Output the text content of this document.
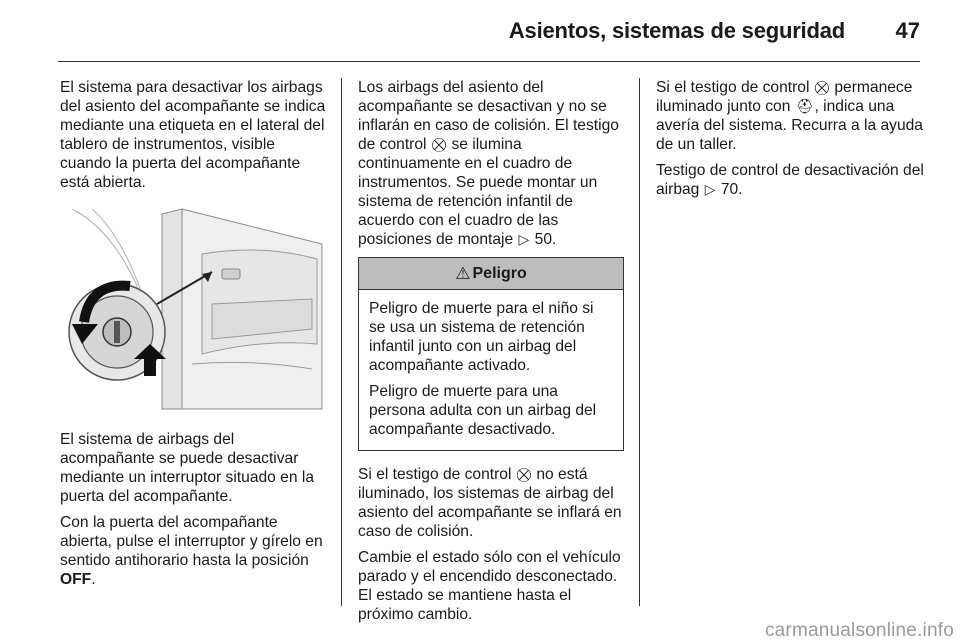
Asientos, sistemas de seguridad 47

El sistema para desactivar los airbags del asiento del acompañante se indica mediante una etiqueta en el lateral del tablero de instrumentos, visible cuando la puerta del acompañante está abierta.

El sistema de airbags del acompañante se puede desactivar mediante un interruptor situado en la puerta del acompañante.

Con la puerta del acompañante abierta, pulse el interruptor y gírelo en sentido antihorario hasta la posición OFF.

Los airbags del asiento del acompañante se desactivan y no se inflarán en caso de colisión. El testigo de control ⛒ se ilumina continuamente en el cuadro de instrumentos. Se puede montar un sistema de retención infantil de acuerdo con el cuadro de las posiciones de montaje ▷ 50.

⚠ Peligro

Peligro de muerte para el niño si se usa un sistema de retención infantil junto con un airbag del acompañante activado.

Peligro de muerte para una persona adulta con un airbag del acompañante desactivado.

Si el testigo de control ⛒ no está iluminado, los sistemas de airbag del asiento del acompañante se inflará en caso de colisión.

Cambie el estado sólo con el vehículo parado y el encendido desconectado. El estado se mantiene hasta el próximo cambio.

Si el testigo de control ⛒ permanece iluminado junto con ⛑, indica una avería del sistema. Recurra a la ayuda de un taller.

Testigo de control de desactivación del airbag ▷ 70.

carmanualsonline.info
